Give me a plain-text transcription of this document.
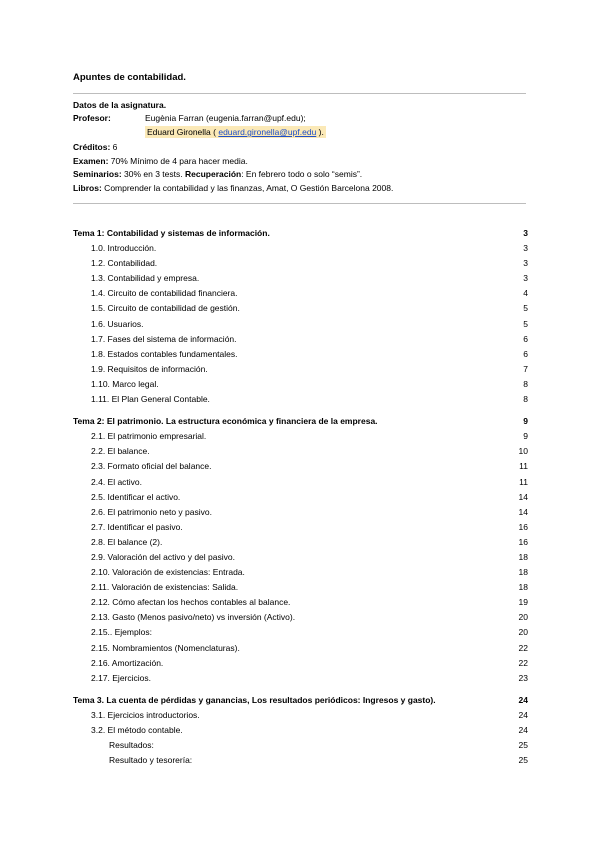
Apuntes de contabilidad.
Datos de la asignatura.
Profesor:	Eugènia Farran (eugenia.farran@upf.edu);
Eduard Gironella ( eduard.gironella@upf.edu ).
Créditos: 6
Examen: 70% Mínimo de 4 para hacer media.
Seminarios: 30% en 3 tests. Recuperación: En febrero todo o solo “semis”.
Libros: Comprender la contabilidad y las finanzas, Amat, O Gestión Barcelona 2008.
Tema 1: Contabilidad y sistemas de información.	3
1.0. Introducción.	3
1.2. Contabilidad.	3
1.3. Contabilidad y empresa.	3
1.4. Circuito de contabilidad financiera.	4
1.5. Circuito de contabilidad de gestión.	5
1.6. Usuarios.	5
1.7. Fases del sistema de información.	6
1.8. Estados contables fundamentales.	6
1.9. Requisitos de información.	7
1.10. Marco legal.	8
1.11. El Plan General Contable.	8
Tema 2: El patrimonio. La estructura económica y financiera de la empresa.	9
2.1. El patrimonio empresarial.	9
2.2. El balance.	10
2.3. Formato oficial del balance.	11
2.4. El activo.	11
2.5. Identificar el activo.	14
2.6. El patrimonio neto y pasivo.	14
2.7. Identificar el pasivo.	16
2.8. El balance (2).	16
2.9. Valoración del activo y del pasivo.	18
2.10. Valoración de existencias: Entrada.	18
2.11. Valoración de existencias: Salida.	18
2.12. Cómo afectan los hechos contables al balance.	19
2.13. Gasto (Menos pasivo/neto) vs inversión (Activo).	20
2.15.. Ejemplos:	20
2.15. Nombramientos (Nomenclaturas).	22
2.16. Amortización.	22
2.17. Ejercicios.	23
Tema 3. La cuenta de pérdidas y ganancias, Los resultados periódicos: Ingresos y gasto).	24
3.1. Ejercicios introductorios.	24
3.2. El método contable.	24
Resultados:	25
Resultado y tesorería:	25
